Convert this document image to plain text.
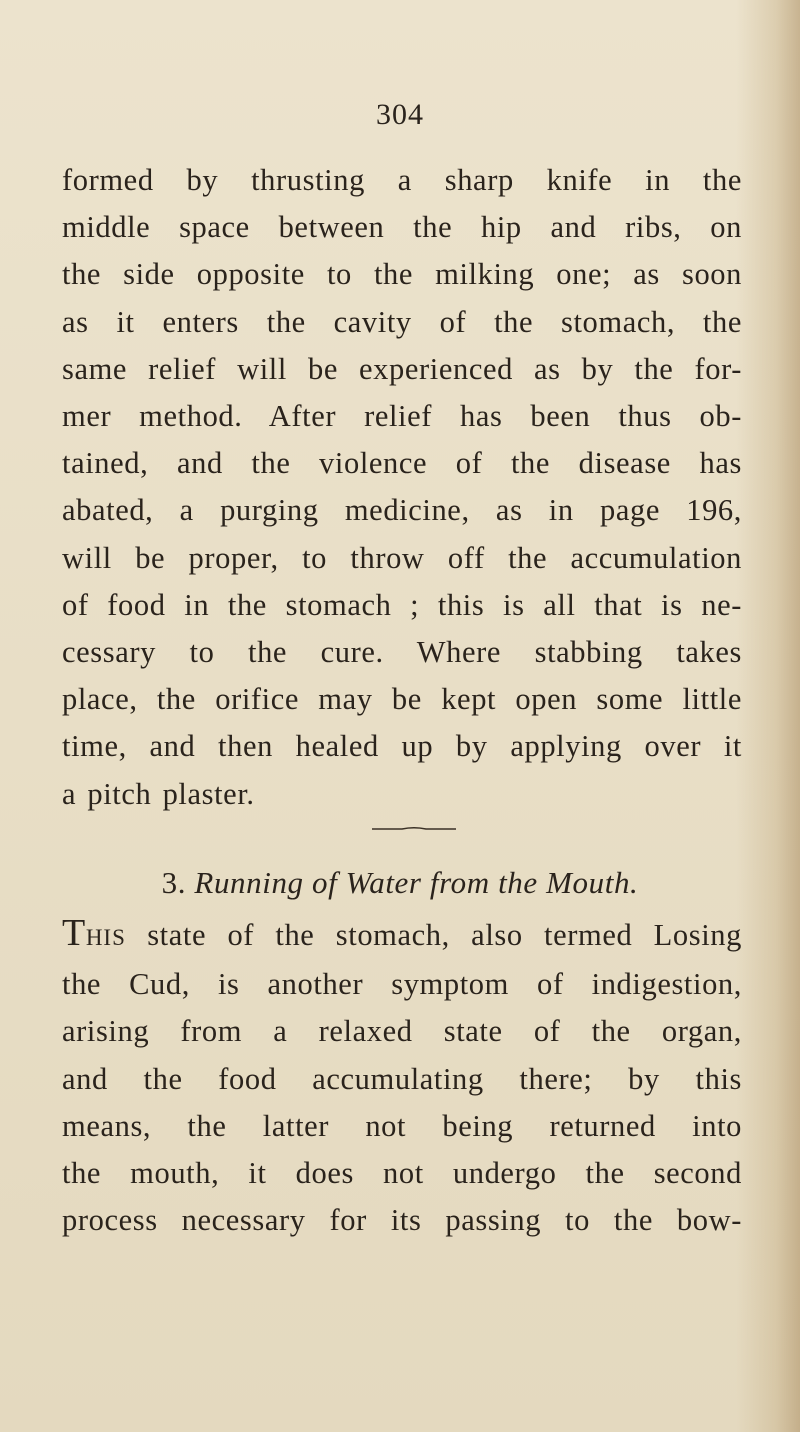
304
formed by thrusting a sharp knife in the
middle space between the hip and ribs, on
the side opposite to the milking one; as soon
as it enters the cavity of the stomach, the
same relief will be experienced as by the for-
mer method. After relief has been thus ob-
tained, and the violence of the disease has
abated, a purging medicine, as in page 196,
will be proper, to throw off the accumulation
of food in the stomach ; this is all that is ne-
cessary to the cure. Where stabbing takes
place, the orifice may be kept open some little
time, and then healed up by applying over it
a pitch plaster.
3. Running of Water from the Mouth.
THIS state of the stomach, also termed Losing
the Cud, is another symptom of indigestion,
arising from a relaxed state of the organ,
and the food accumulating there; by this
means, the latter not being returned into
the mouth, it does not undergo the second
process necessary for its passing to the bow-
